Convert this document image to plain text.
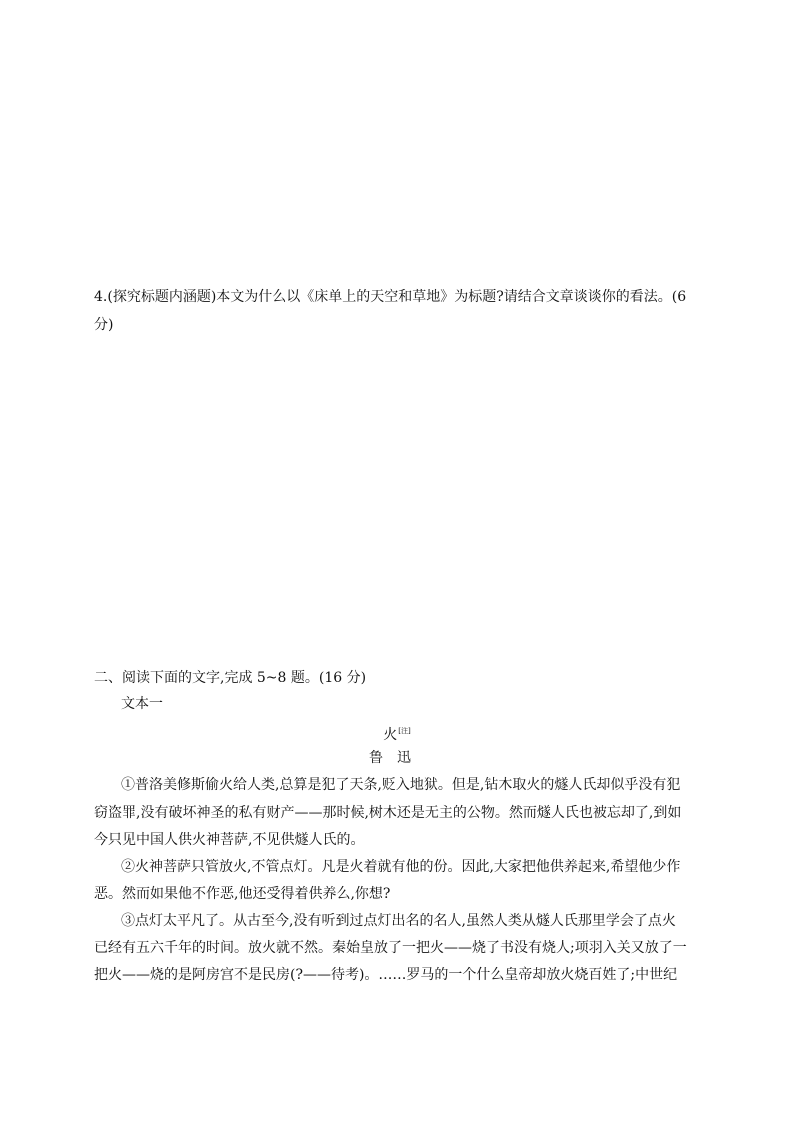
4.(探究标题内涵题)本文为什么以《床单上的天空和草地》为标题?请结合文章谈谈你的看法。(6
分)
二、阅读下面的文字,完成 5~8 题。(16 分)
文本一
火[注]
鲁迅
①普洛美修斯偷火给人类,总算是犯了天条,贬入地狱。但是,钻木取火的燧人氏却似乎没有犯
窃盗罪,没有破坏神圣的私有财产——那时候,树木还是无主的公物。然而燧人氏也被忘却了,到如
今只见中国人供火神菩萨,不见供燧人氏的。
②火神菩萨只管放火,不管点灯。凡是火着就有他的份。因此,大家把他供养起来,希望他少作
恶。然而如果他不作恶,他还受得着供养么,你想?
③点灯太平凡了。从古至今,没有听到过点灯出名的名人,虽然人类从燧人氏那里学会了点火
已经有五六千年的时间。放火就不然。秦始皇放了一把火——烧了书没有烧人;项羽入关又放了一
把火——烧的是阿房宫不是民房(?——待考)。……罗马的一个什么皇帝却放火烧百姓了;中世纪
